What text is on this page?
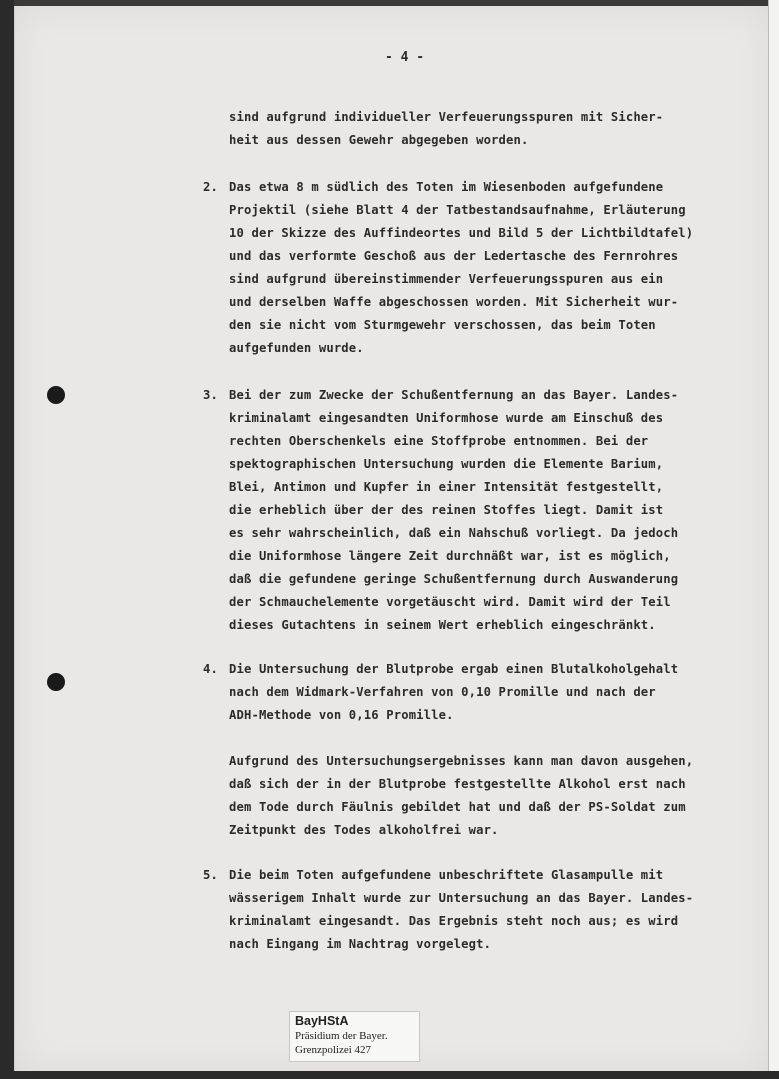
- 4 -

sind aufgrund individueller Verfeuerungsspuren mit Sicher-

heit aus dessen Gewehr abgegeben worden.

2.

Das etwa 8 m südlich des Toten im Wiesenboden aufgefundene

Projektil (siehe Blatt 4 der Tatbestandsaufnahme, Erläuterung

10 der Skizze des Auffindeortes und Bild 5 der Lichtbildtafel)

und das verformte Geschoß aus der Ledertasche des Fernrohres

sind aufgrund übereinstimmender Verfeuerungsspuren aus ein

und derselben Waffe abgeschossen worden. Mit Sicherheit wur-

den sie nicht vom Sturmgewehr verschossen, das beim Toten

aufgefunden wurde.

3.

Bei der zum Zwecke der Schußentfernung an das Bayer. Landes-

kriminalamt eingesandten Uniformhose wurde am Einschuß des

rechten Oberschenkels eine Stoffprobe entnommen. Bei der

spektographischen Untersuchung wurden die Elemente Barium,

Blei, Antimon und Kupfer in einer Intensität festgestellt,

die erheblich über der des reinen Stoffes liegt. Damit ist

es sehr wahrscheinlich, daß ein Nahschuß vorliegt. Da jedoch

die Uniformhose längere Zeit durchnäßt war, ist es möglich,

daß die gefundene geringe Schußentfernung durch Auswanderung

der Schmauchelemente vorgetäuscht wird. Damit wird der Teil

dieses Gutachtens in seinem Wert erheblich eingeschränkt.

4.

Die Untersuchung der Blutprobe ergab einen Blutalkoholgehalt

nach dem Widmark-Verfahren von 0,10 Promille und nach der

ADH-Methode von 0,16 Promille.

Aufgrund des Untersuchungsergebnisses kann man davon ausgehen,

daß sich der in der Blutprobe festgestellte Alkohol erst nach

dem Tode durch Fäulnis gebildet hat und daß der PS-Soldat zum

Zeitpunkt des Todes alkoholfrei war.

5.

Die beim Toten aufgefundene unbeschriftete Glasampulle mit

wässerigem Inhalt wurde zur Untersuchung an das Bayer. Landes-

kriminalamt eingesandt. Das Ergebnis steht noch aus; es wird

nach Eingang im Nachtrag vorgelegt.

BayHStA
Präsidium der Bayer.
Grenzpolizei 427
